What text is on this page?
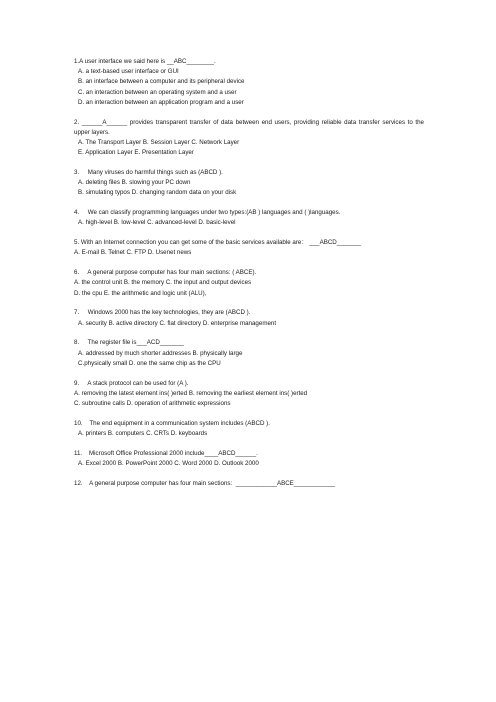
1.A user interface we said here is __ABC________.
A. a text-based user interface or GUI
B. an interface between a computer and its peripheral device
C. an interaction between an operating system and a user
D. an interaction between an application program and a user
2. ______A______ provides transparent transfer of data between end users, providing reliable data transfer services to the upper layers.
A. The Transport Layer B. Session Layer C. Network Layer
E. Application Layer E. Presentation Layer
3.     Many viruses do harmful things such as (ABCD ).
A. deleting files B. slowing your PC down
B. simulating typos D. changing random data on your disk
4.     We can classify programming languages under two types:(AB ) languages and ( )languages.
A. high-level B. low-level C. advanced-level D. basic-level
5. With an Internet connection you can get some of the basic services available are： ___ABCD_______
A. E-mail B. Telnet C. FTP D. Usenet news
6.     A general purpose computer has four main sections: ( ABCE).
A. the control unit B. the memory C. the input and output devices
D. the cpu E. the arithmetic and logic unit (ALU),
7.     Windows 2000 has the key technologies, they are (ABCD ).
A. security B. active directory C. flat directory D. enterprise management
8.     The register file is___ACD_______
A. addressed by much shorter addresses B. physically large
C.physically small D. one the same chip as the CPU
9.     A stack protocol can be used for (A ).
A. removing the latest element ins( )erted B. removing the earliest element ins( )erted
C. subroutine calls D. operation of arithmetic expressions
10.    The end equipment in a communication system includes (ABCD ).
A. printers B. computers C. CRTs D. keyboards
11.    Microsoft Office Professional 2000 include____ABCD______.
A. Excel 2000 B. PowerPoint 2000 C. Word 2000 D. Outlook 2000
12.    A general purpose computer has four main sections:  ____________ABCE____________
